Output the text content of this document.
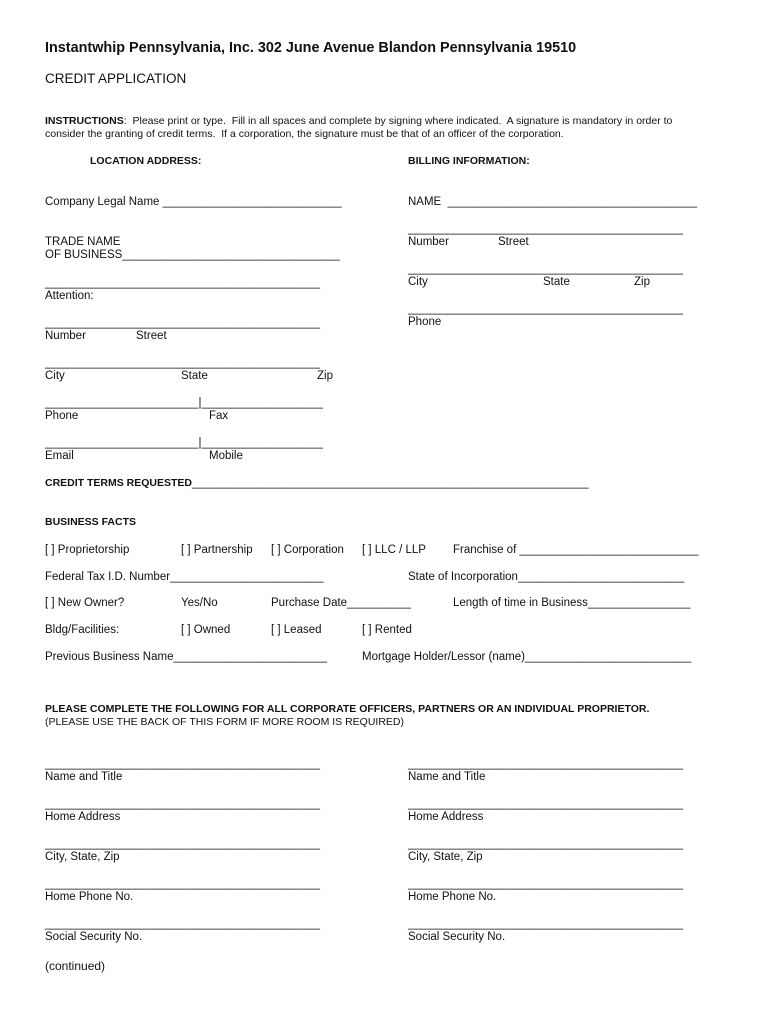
Instantwhip Pennsylvania, Inc. 302 June Avenue Blandon Pennsylvania 19510
CREDIT APPLICATION
INSTRUCTIONS:  Please print or type.  Fill in all spaces and complete by signing where indicated.  A signature is mandatory in order to
consider the granting of credit terms.  If a corporation, the signature must be that of an officer of the corporation.
LOCATION ADDRESS:	BILLING INFORMATION:
Company Legal Name ____________________________
TRADE NAME
OF BUSINESS__________________________________
___________________________________________
Attention:
___________________________________________
Number	Street
___________________________________________
City	State	Zip
________________________|___________________
Phone	Fax
________________________|___________________
Email	Mobile
NAME  _______________________________________
___________________________________________
Number	Street
___________________________________________
City	State	Zip
___________________________________________
Phone
CREDIT TERMS REQUESTED______________________________________________________________
BUSINESS FACTS
[ ] Proprietorship	[ ] Partnership [ ] Corporation [ ] LLC / LLP Franchise of ____________________________
Federal Tax I.D. Number________________________	State of Incorporation__________________________
[ ] New Owner?	Yes/No	Purchase Date__________	Length of time in Business________________
Bldg/Facilities:	[ ] Owned	[ ] Leased	[ ] Rented
Previous Business Name________________________	Mortgage Holder/Lessor (name)__________________________
PLEASE COMPLETE THE FOLLOWING FOR ALL CORPORATE OFFICERS, PARTNERS OR AN INDIVIDUAL PROPRIETOR.
(PLEASE USE THE BACK OF THIS FORM IF MORE ROOM IS REQUIRED)
___________________________________________
Name and Title
___________________________________________
Home Address
___________________________________________
City, State, Zip
___________________________________________
Home Phone No.
___________________________________________
Social Security No.
___________________________________________
Name and Title
___________________________________________
Home Address
___________________________________________
City, State, Zip
___________________________________________
Home Phone No.
___________________________________________
Social Security No.
(continued)
